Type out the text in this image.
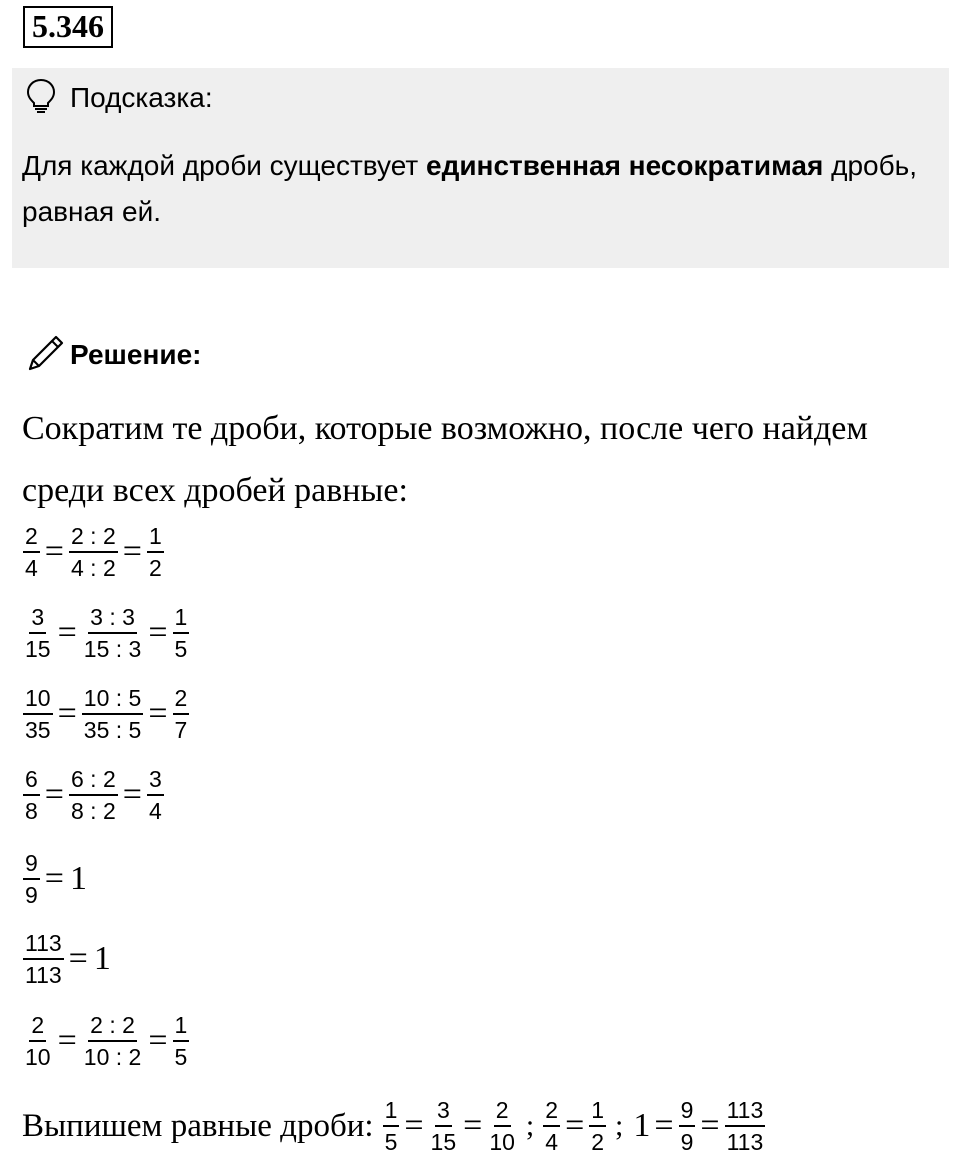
5.346
Подсказка:
Для каждой дроби существует единственная несократимая дробь, равная ей.
Решение:
Сократим те дроби, которые возможно, после чего найдем среди всех дробей равные:
$\frac{2}{4} = \frac{2 : 2}{4 : 2} = \frac{1}{2}$
$\frac{3}{15} = \frac{3 : 3}{15 : 3} = \frac{1}{5}$
$\frac{10}{35} = \frac{10 : 5}{35 : 5} = \frac{2}{7}$
$\frac{6}{8} = \frac{6 : 2}{8 : 2} = \frac{3}{4}$
$\frac{9}{9} = 1$
$\frac{113}{113} = 1$
$\frac{2}{10} = \frac{2 : 2}{10 : 2} = \frac{1}{5}$
Выпишем равные дроби: $\frac{1}{5} = \frac{3}{15} = \frac{2}{10}$ ; $\frac{2}{4} = \frac{1}{2}$ ; $1 = \frac{9}{9} = \frac{113}{113}$
